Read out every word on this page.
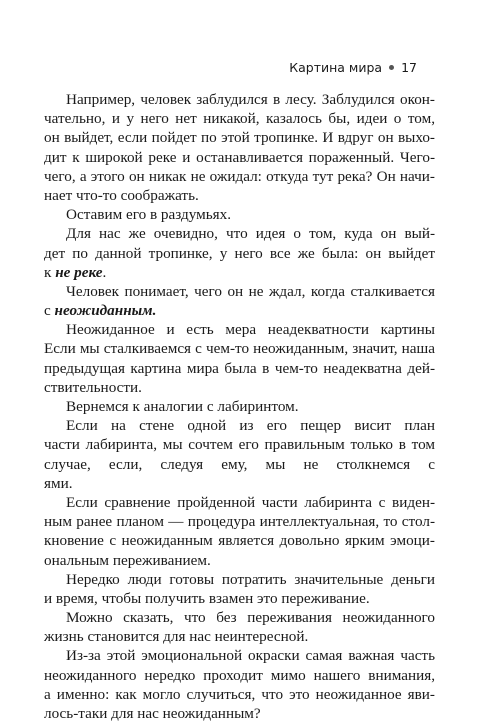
Картина мира 17
Например, человек заблудился в лесу. Заблудился окон-
чательно, и у него нет никакой, казалось бы, идеи о том,
он выйдет, если пойдет по этой тропинке. И вдруг он выхо-
дит к широкой реке и останавливается пораженный. Чего-
чего, а этого он никак не ожидал: откуда тут река? Он начи-
нает что-то соображать.
Оставим его в раздумьях.
Для нас же очевидно, что идея о том, куда он вый-
дет по данной тропинке, у него все же была: он выйдет
к не реке.
Человек понимает, чего он не ждал, когда сталкивается
с неожиданным.
Неожиданное и есть мера неадекватности картины
Если мы сталкиваемся с чем-то неожиданным, значит, наша
предыдущая картина мира была в чем-то неадекватна дей-
ствительности.
Вернемся к аналогии с лабиринтом.
Если на стене одной из его пещер висит план
части лабиринта, мы сочтем его правильным только в том
случае, если, следуя ему, мы не столкнемся с
ями.
Если сравнение пройденной части лабиринта с виден-
ным ранее планом — процедура интеллектуальная, то стол-
кновение с неожиданным является довольно ярким эмоци-
ональным переживанием.
Нередко люди готовы потратить значительные деньги
и время, чтобы получить взамен это переживание.
Можно сказать, что без переживания неожиданного
жизнь становится для нас неинтересной.
Из-за этой эмоциональной окраски самая важная часть
неожиданного нередко проходит мимо нашего внимания,
а именно: как могло случиться, что это неожиданное яви-
лось-таки для нас неожиданным?
